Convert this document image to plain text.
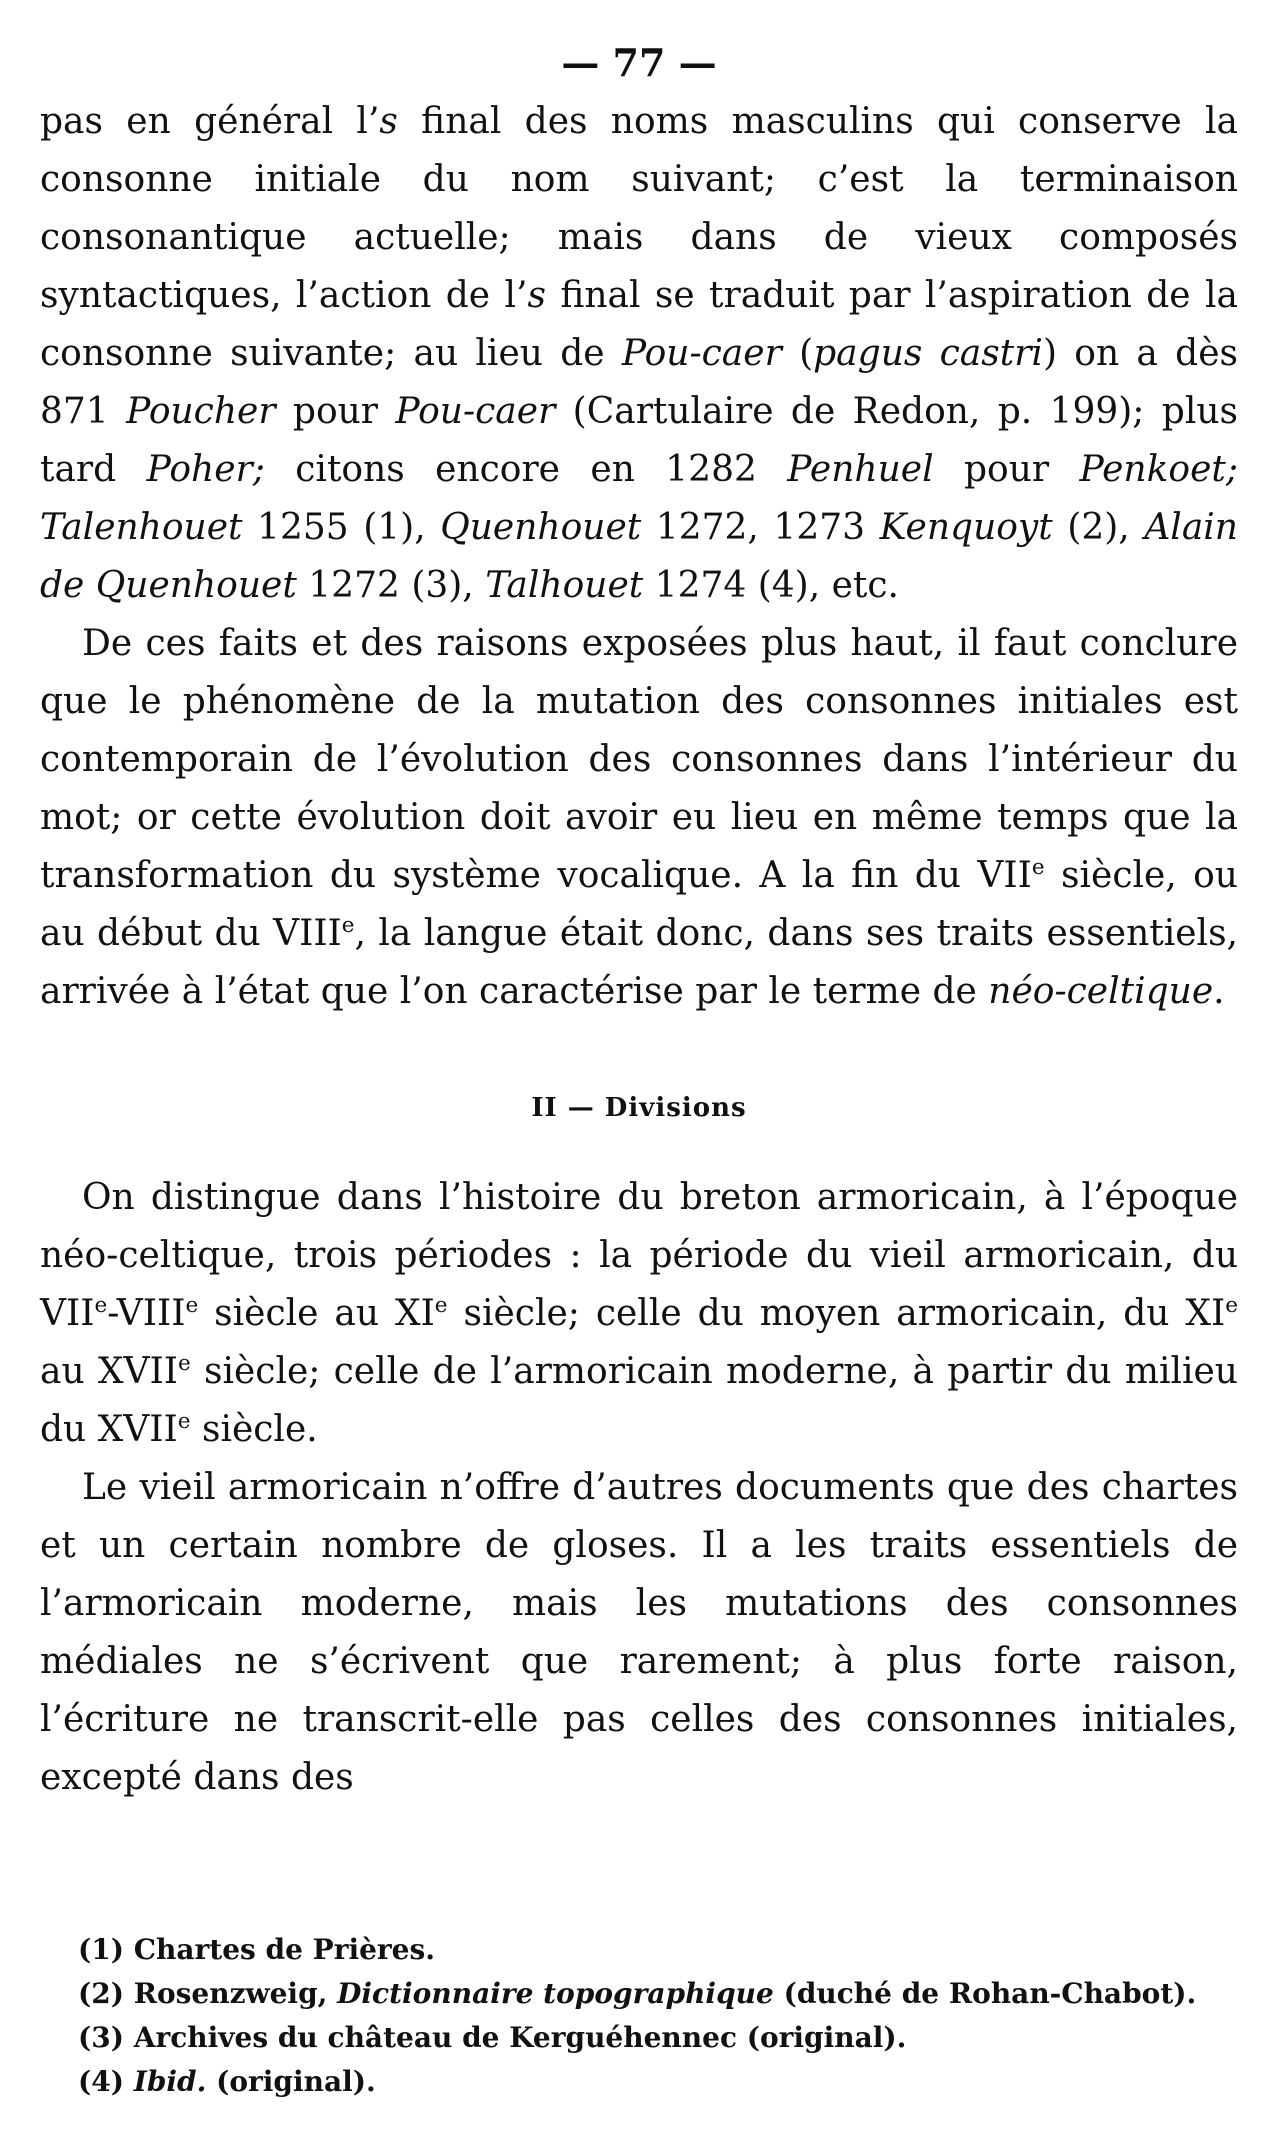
— 77 —

pas en général l’s final des noms masculins qui conserve la consonne initiale du nom suivant; c’est la terminaison consonantique actuelle; mais dans de vieux composés syntactiques, l’action de l’s final se traduit par l’aspiration de la consonne suivante; au lieu de Pou-caer (pagus castri) on a dès 871 Poucher pour Pou-caer (Cartulaire de Redon, p. 199); plus tard Poher; citons encore en 1282 Penhuel pour Penkoet; Talenhouet 1255 (1), Quenhouet 1272, 1273 Kenquoyt (2), Alain de Quenhouet 1272 (3), Talhouet 1274 (4), etc.

De ces faits et des raisons exposées plus haut, il faut conclure que le phénomène de la mutation des consonnes initiales est contemporain de l’évolution des consonnes dans l’intérieur du mot; or cette évolution doit avoir eu lieu en même temps que la transformation du système vocalique. A la fin du VIIe siècle, ou au début du VIIIe, la langue était donc, dans ses traits essentiels, arrivée à l’état que l’on caractérise par le terme de néo-celtique.

II — Divisions

On distingue dans l’histoire du breton armoricain, à l’époque néo-celtique, trois périodes : la période du vieil armoricain, du VIIe-VIIIe siècle au XIe siècle; celle du moyen armoricain, du XIe au XVIIe siècle; celle de l’armoricain moderne, à partir du milieu du XVIIe siècle.

Le vieil armoricain n’offre d’autres documents que des chartes et un certain nombre de gloses. Il a les traits essentiels de l’armoricain moderne, mais les mutations des consonnes médiales ne s’écrivent que rarement; à plus forte raison, l’écriture ne transcrit-elle pas celles des consonnes initiales, excepté dans des

(1) Chartes de Prières.

(2) Rosenzweig, Dictionnaire topographique (duché de Rohan-Chabot).

(3) Archives du château de Kerguéhennec (original).

(4) Ibid. (original).
